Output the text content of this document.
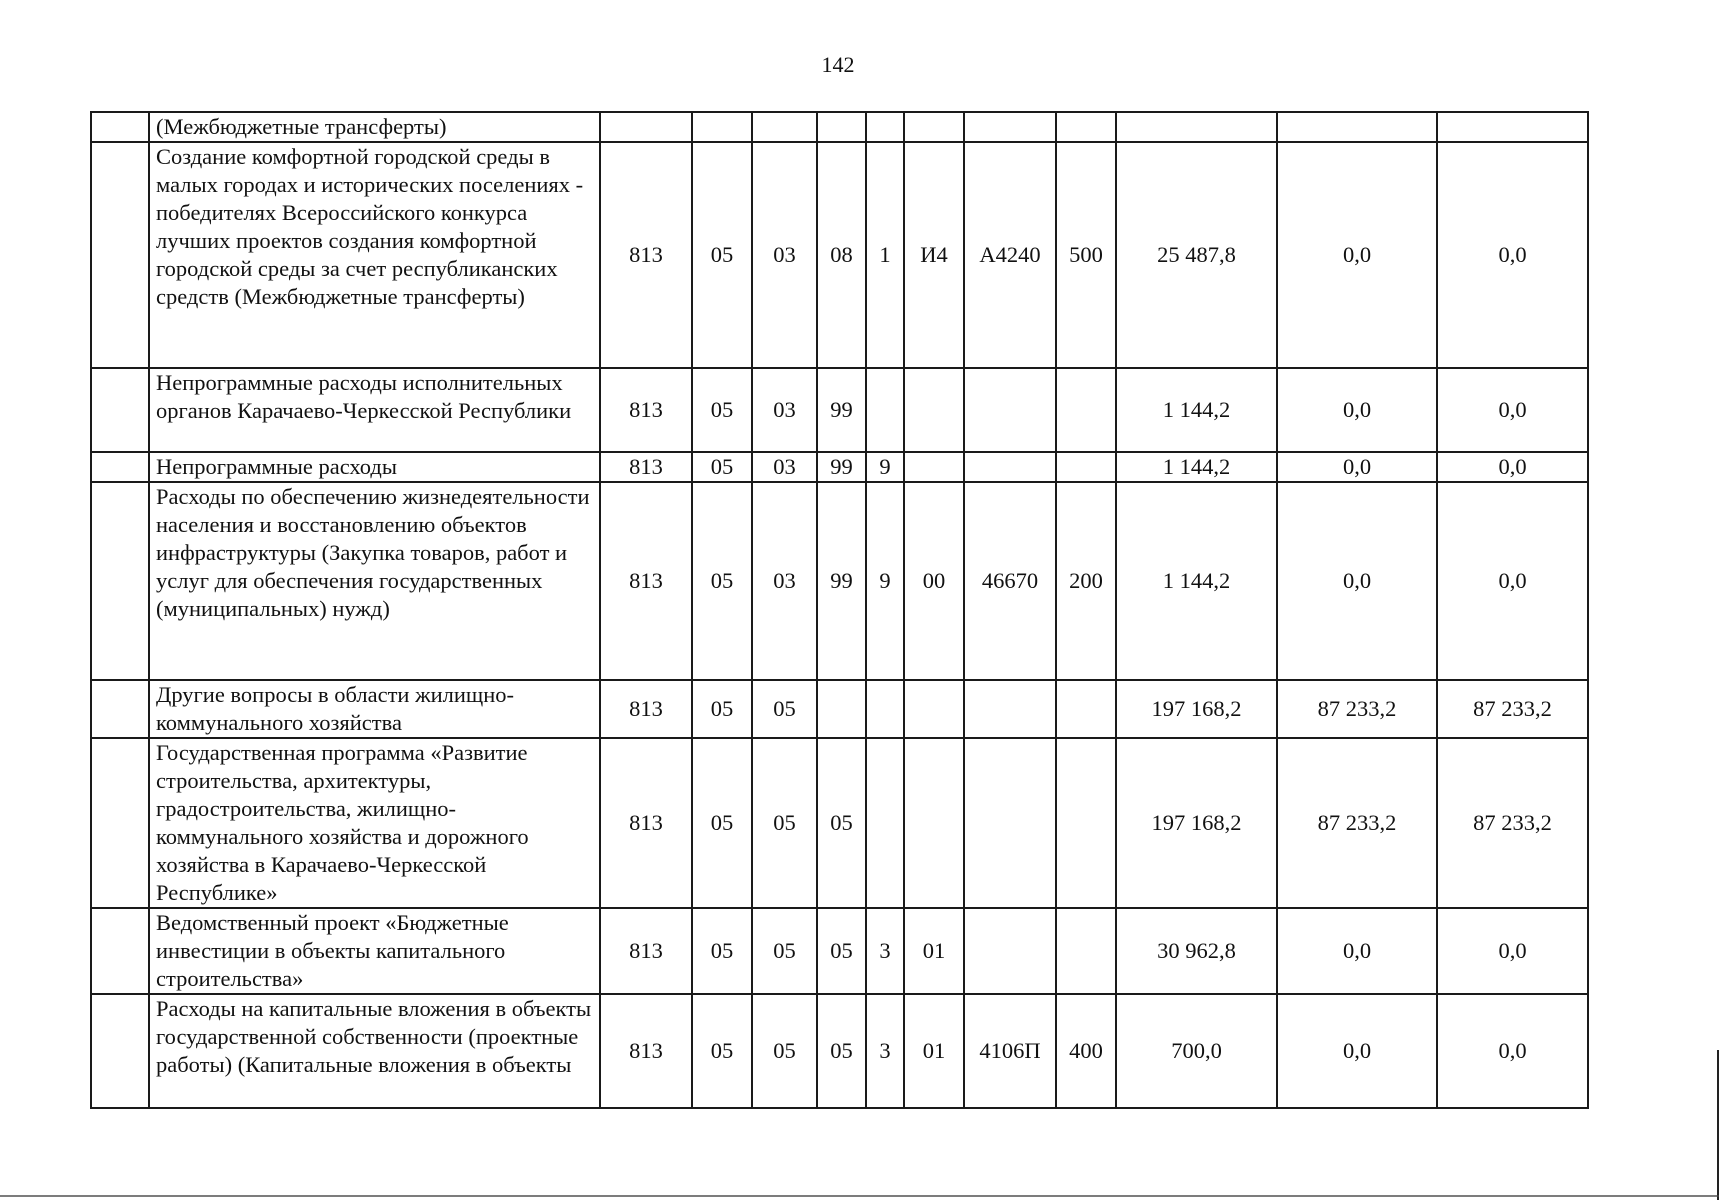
142
	(Межбюджетные трансферты)											
	Создание комфортной городской среды в малых городах и исторических поселениях - победителях Всероссийского конкурса лучших проектов создания комфортной городской среды за счет республиканских средств (Межбюджетные трансферты)	813	05	03	08	1	И4	А4240	500	25 487,8	0,0	0,0
	Непрограммные расходы исполнительных органов Карачаево-Черкесской Республики	813	05	03	99					1 144,2	0,0	0,0
	Непрограммные расходы	813	05	03	99	9				1 144,2	0,0	0,0
	Расходы по обеспечению жизнедеятельности населения и восстановлению объектов инфраструктуры (Закупка товаров, работ и услуг для обеспечения государственных (муниципальных) нужд)	813	05	03	99	9	00	46670	200	1 144,2	0,0	0,0
	Другие вопросы в области жилищно-коммунального хозяйства	813	05	05						197 168,2	87 233,2	87 233,2
	Государственная программа «Развитие строительства, архитектуры, градостроительства, жилищно-коммунального хозяйства и дорожного хозяйства в Карачаево-Черкесской Республике»	813	05	05	05					197 168,2	87 233,2	87 233,2
	Ведомственный проект «Бюджетные инвестиции в объекты капитального строительства»	813	05	05	05	3	01			30 962,8	0,0	0,0
	Расходы на капитальные вложения в объекты государственной собственности (проектные работы) (Капитальные вложения в объекты	813	05	05	05	3	01	4106П	400	700,0	0,0	0,0
